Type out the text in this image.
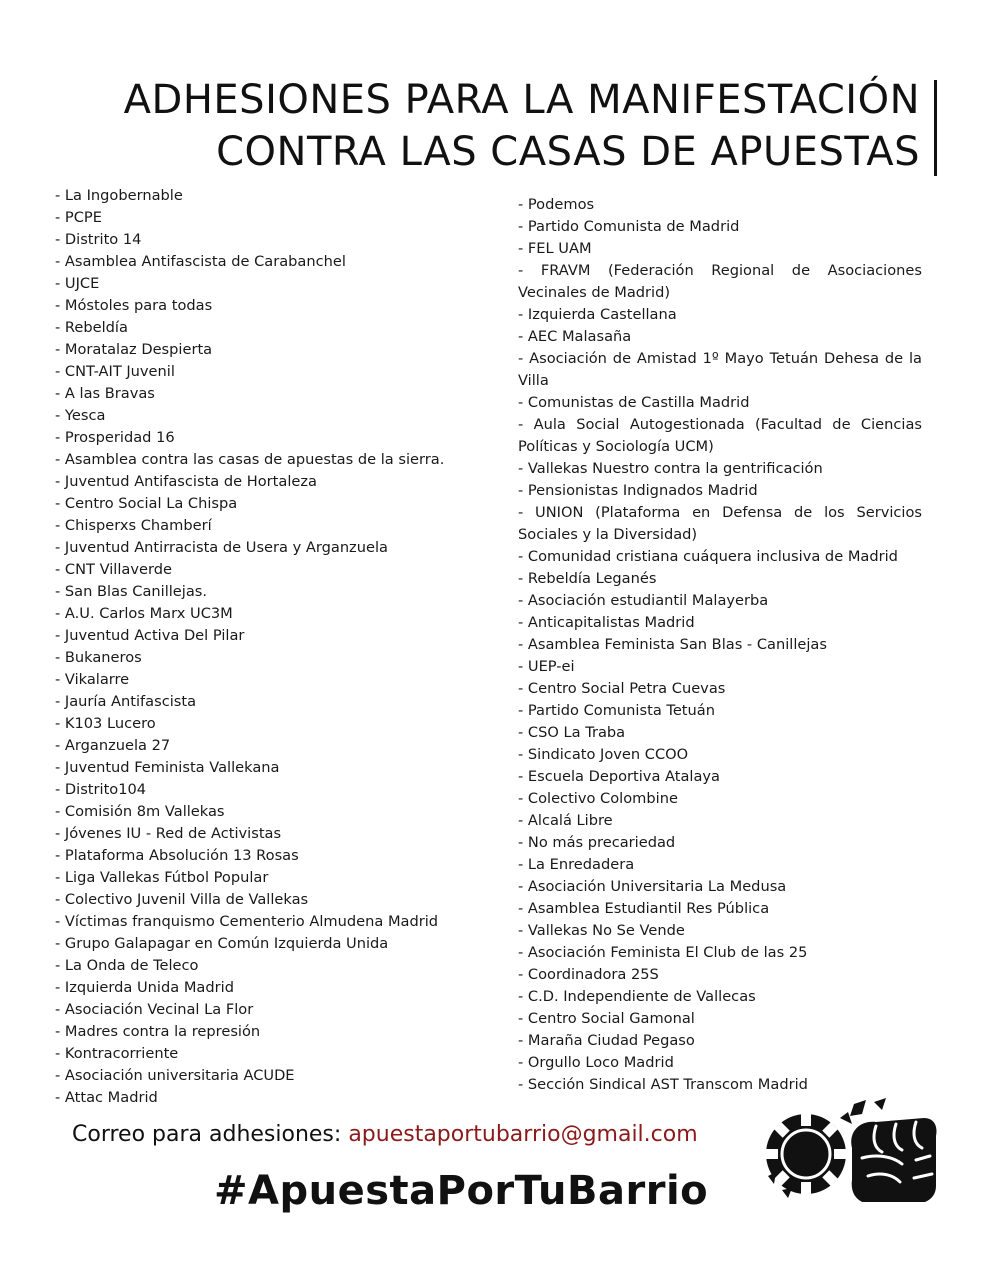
ADHESIONES PARA LA MANIFESTACIÓN
CONTRA LAS CASAS DE APUESTAS
- La Ingobernable
- PCPE
- Distrito 14
- Asamblea Antifascista de Carabanchel
- UJCE
- Móstoles para todas
- Rebeldía
- Moratalaz Despierta
- CNT-AIT Juvenil
- A las Bravas
- Yesca
- Prosperidad 16
- Asamblea contra las casas de apuestas de la sierra.
- Juventud Antifascista de Hortaleza
- Centro Social La Chispa
- Chisperxs Chamberí
- Juventud Antirracista de Usera y Arganzuela
- CNT Villaverde
- San Blas Canillejas.
- A.U. Carlos Marx UC3M
- Juventud Activa Del Pilar
- Bukaneros
- Vikalarre
- Jauría Antifascista
- K103 Lucero
- Arganzuela 27
- Juventud Feminista Vallekana
- Distrito104
- Comisión 8m Vallekas
- Jóvenes IU - Red de Activistas
- Plataforma Absolución 13 Rosas
- Liga Vallekas Fútbol Popular
- Colectivo Juvenil Villa de Vallekas
- Víctimas franquismo Cementerio Almudena Madrid
- Grupo Galapagar en Común Izquierda Unida
- La Onda de Teleco
- Izquierda Unida Madrid
- Asociación Vecinal La Flor
- Madres contra la represión
- Kontracorriente
- Asociación universitaria ACUDE
- Attac Madrid
- Podemos
- Partido Comunista de Madrid
- FEL UAM
- FRAVM (Federación Regional de Asociaciones Vecinales de Madrid)
- Izquierda Castellana
- AEC Malasaña
- Asociación de Amistad 1º Mayo Tetuán Dehesa de la Villa
- Comunistas de Castilla Madrid
- Aula Social Autogestionada (Facultad de Ciencias Políticas y Sociología UCM)
- Vallekas Nuestro contra la gentrificación
- Pensionistas Indignados Madrid
- UNION (Plataforma en Defensa de los Servicios Sociales y la Diversidad)
- Comunidad cristiana cuáquera inclusiva de Madrid
- Rebeldía Leganés
- Asociación estudiantil Malayerba
- Anticapitalistas Madrid
- Asamblea Feminista San Blas - Canillejas
- UEP-ei
- Centro Social Petra Cuevas
- Partido Comunista Tetuán
- CSO La Traba
- Sindicato Joven CCOO
- Escuela Deportiva Atalaya
- Colectivo Colombine
- Alcalá Libre
- No más precariedad
- La Enredadera
- Asociación Universitaria La Medusa
- Asamblea Estudiantil Res Pública
- Vallekas No Se Vende
- Asociación Feminista El Club de las 25
- Coordinadora 25S
- C.D. Independiente de Vallecas
- Centro Social Gamonal
- Maraña Ciudad Pegaso
- Orgullo Loco Madrid
- Sección Sindical AST Transcom Madrid
Correo para adhesiones: apuestaportubarrio@gmail.com
#ApuestaPorTuBarrio
